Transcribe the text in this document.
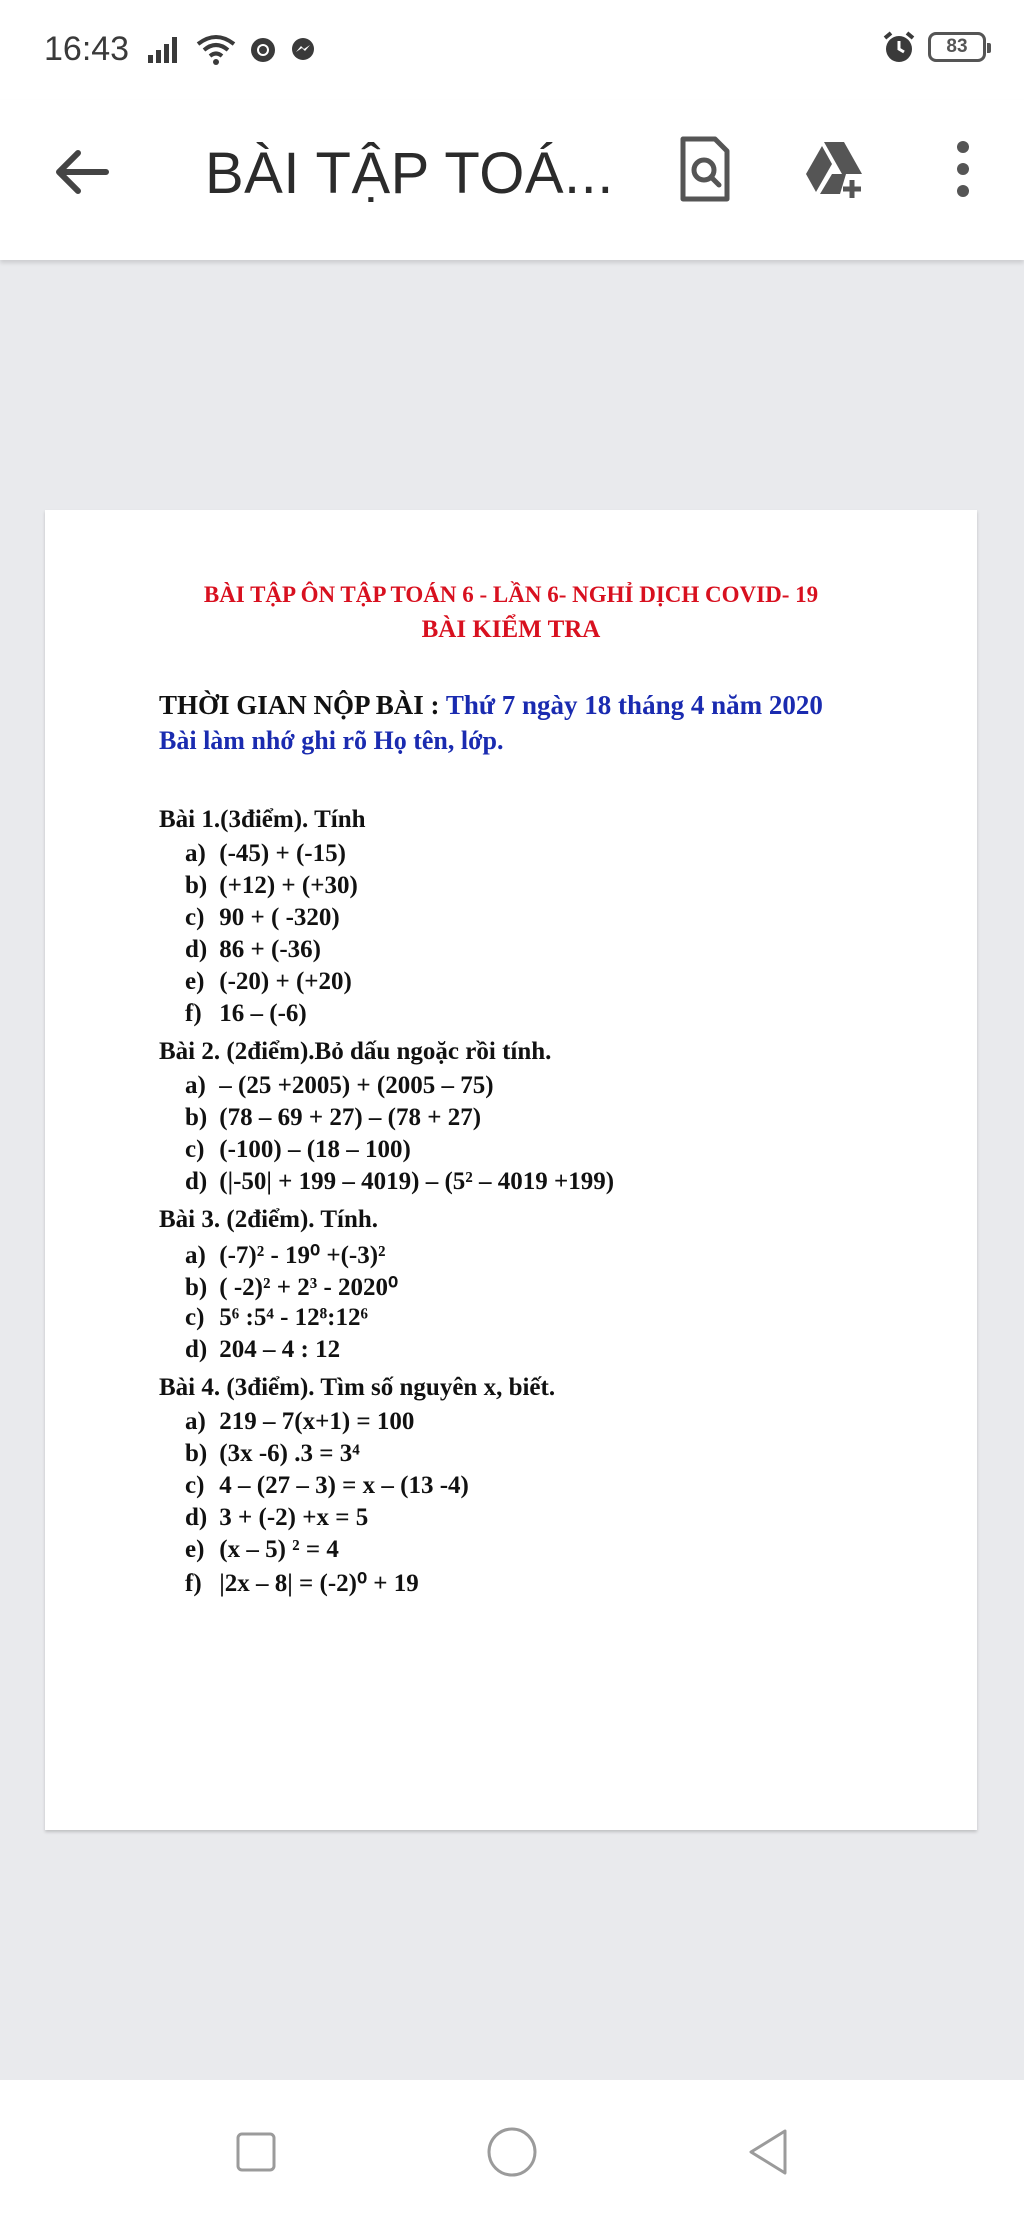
16:43	83
BÀI TẬP TOÁ...
BÀI TẬP ÔN TẬP TOÁN 6 - LẦN 6- NGHỈ DỊCH COVID- 19
BÀI KIỂM TRA
THỜI GIAN NỘP BÀI : Thứ 7 ngày 18 tháng 4 năm 2020
Bài làm nhớ ghi rõ Họ tên, lớp.
Bài 1.(3điểm). Tính
a) (-45) + (-15)
b) (+12) + (+30)
c) 90 + ( -320)
d) 86 + (-36)
e) (-20) + (+20)
f) 16 – (-6)
Bài 2. (2điểm).Bỏ dấu ngoặc rồi tính.
a) – (25 +2005) + (2005 – 75)
b) (78 – 69 + 27) – (78 + 27)
c) (-100) – (18 – 100)
d) (|-50| + 199 – 4019) – (5² – 4019 +199)
Bài 3. (2điểm). Tính.
a) (-7)² - 19⁰ +(-3)²
b) ( -2)² + 2³ - 2020⁰
c) 5⁶ :5⁴ - 12⁸:12⁶
d) 204 – 4 : 12
Bài 4. (3điểm). Tìm số nguyên x, biết.
a) 219 – 7(x+1) = 100
b) (3x -6) .3 = 3⁴
c) 4 – (27 – 3) = x – (13 -4)
d) 3 + (-2) +x = 5
e) (x – 5) ² = 4
f) |2x – 8| = (-2)⁰ + 19
